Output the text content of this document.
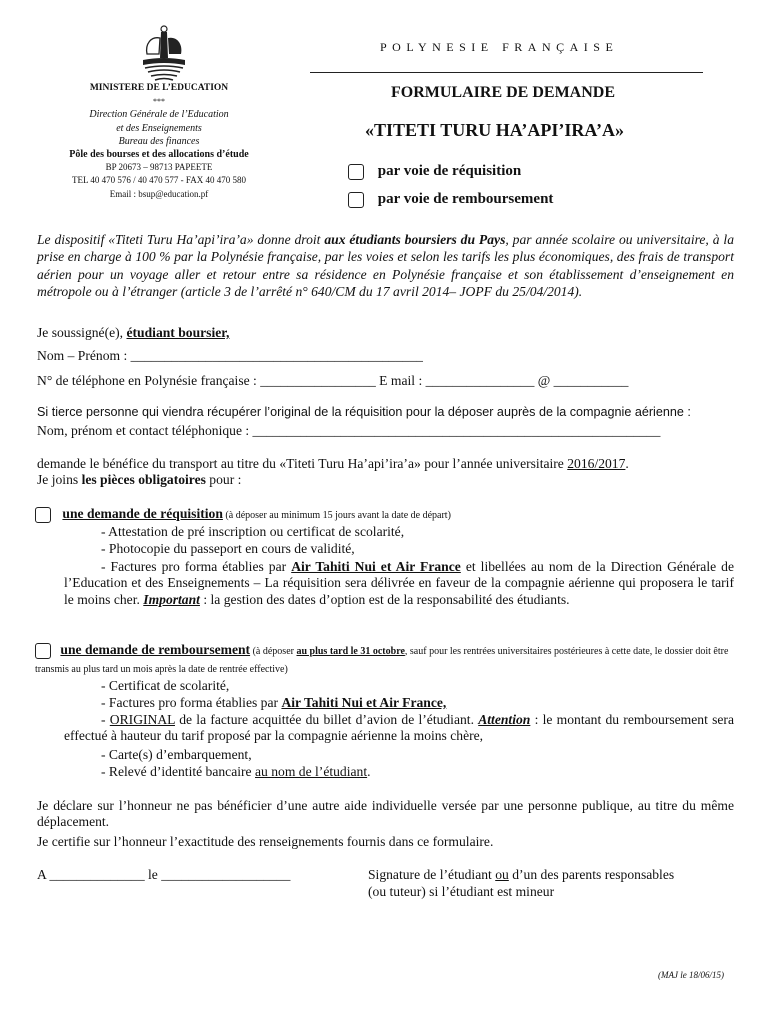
POLYNESIE FRANÇAISE
MINISTERE DE L’EDUCATION
***
Direction Générale de l’Education
et des Enseignements
Bureau des finances
Pôle des bourses et des allocations d’étude
BP 20673 – 98713 PAPEETE
TEL 40 470 576 / 40 470 577 - FAX 40 470 580
Email : bsup@education.pf
FORMULAIRE DE DEMANDE
«TITETI TURU HA’API’IRA’A»
par voie de réquisition
par voie de remboursement
Le dispositif «Titeti Turu Ha’api’ira’a» donne droit aux étudiants boursiers du Pays, par année scolaire ou universitaire, à la prise en charge à 100 % par la Polynésie française, par les voies et selon les tarifs les plus économiques, des frais de transport aérien pour un voyage aller et retour entre sa résidence en Polynésie française et son établissement d’enseignement en métropole ou à l’étranger (article 3 de l’arrêté n° 640/CM du 17 avril 2014– JOPF du 25/04/2014).
Je soussigné(e), étudiant boursier,
Nom – Prénom : ___________________________________________
N° de téléphone en Polynésie française : _________________ E mail : ________________ @ ___________
Si tierce personne qui viendra récupérer l’original de la réquisition pour la déposer auprès de la compagnie aérienne :
Nom, prénom et contact téléphonique : ____________________________________________________________
demande le bénéfice du transport au titre du «Titeti Turu Ha’api’ira’a» pour l’année universitaire 2016/2017.
Je joins les pièces obligatoires pour :
une demande de réquisition (à déposer au minimum 15 jours avant la date de départ)
- Attestation de pré inscription ou certificat de scolarité,
- Photocopie du passeport en cours de validité,
- Factures pro forma établies par Air Tahiti Nui et Air France et libellées au nom de la Direction Générale de l’Education et des Enseignements – La réquisition sera délivrée en faveur de la compagnie aérienne qui proposera le tarif le moins cher. Important : la gestion des dates d’option est de la responsabilité des étudiants.
une demande de remboursement (à déposer au plus tard le 31 octobre, sauf pour les rentrées universitaires postérieures à cette date, le dossier doit être transmis au plus tard un mois après la date de rentrée effective)
- Certificat de scolarité,
- Factures pro forma établies par Air Tahiti Nui et Air France,
- ORIGINAL de la facture acquittée du billet d’avion de l’étudiant. Attention : le montant du remboursement sera effectué à hauteur du tarif proposé par la compagnie aérienne la moins chère,
- Carte(s) d’embarquement,
- Relevé d’identité bancaire au nom de l’étudiant.
Je déclare sur l’honneur ne pas bénéficier d’une autre aide individuelle versée par une personne publique, au titre du même déplacement.
Je certifie sur l’honneur l’exactitude des renseignements fournis dans ce formulaire.
A ______________ le ___________________	Signature de l’étudiant ou d’un des parents responsables
(ou tuteur) si l’étudiant est mineur
(MAJ le 18/06/15)
